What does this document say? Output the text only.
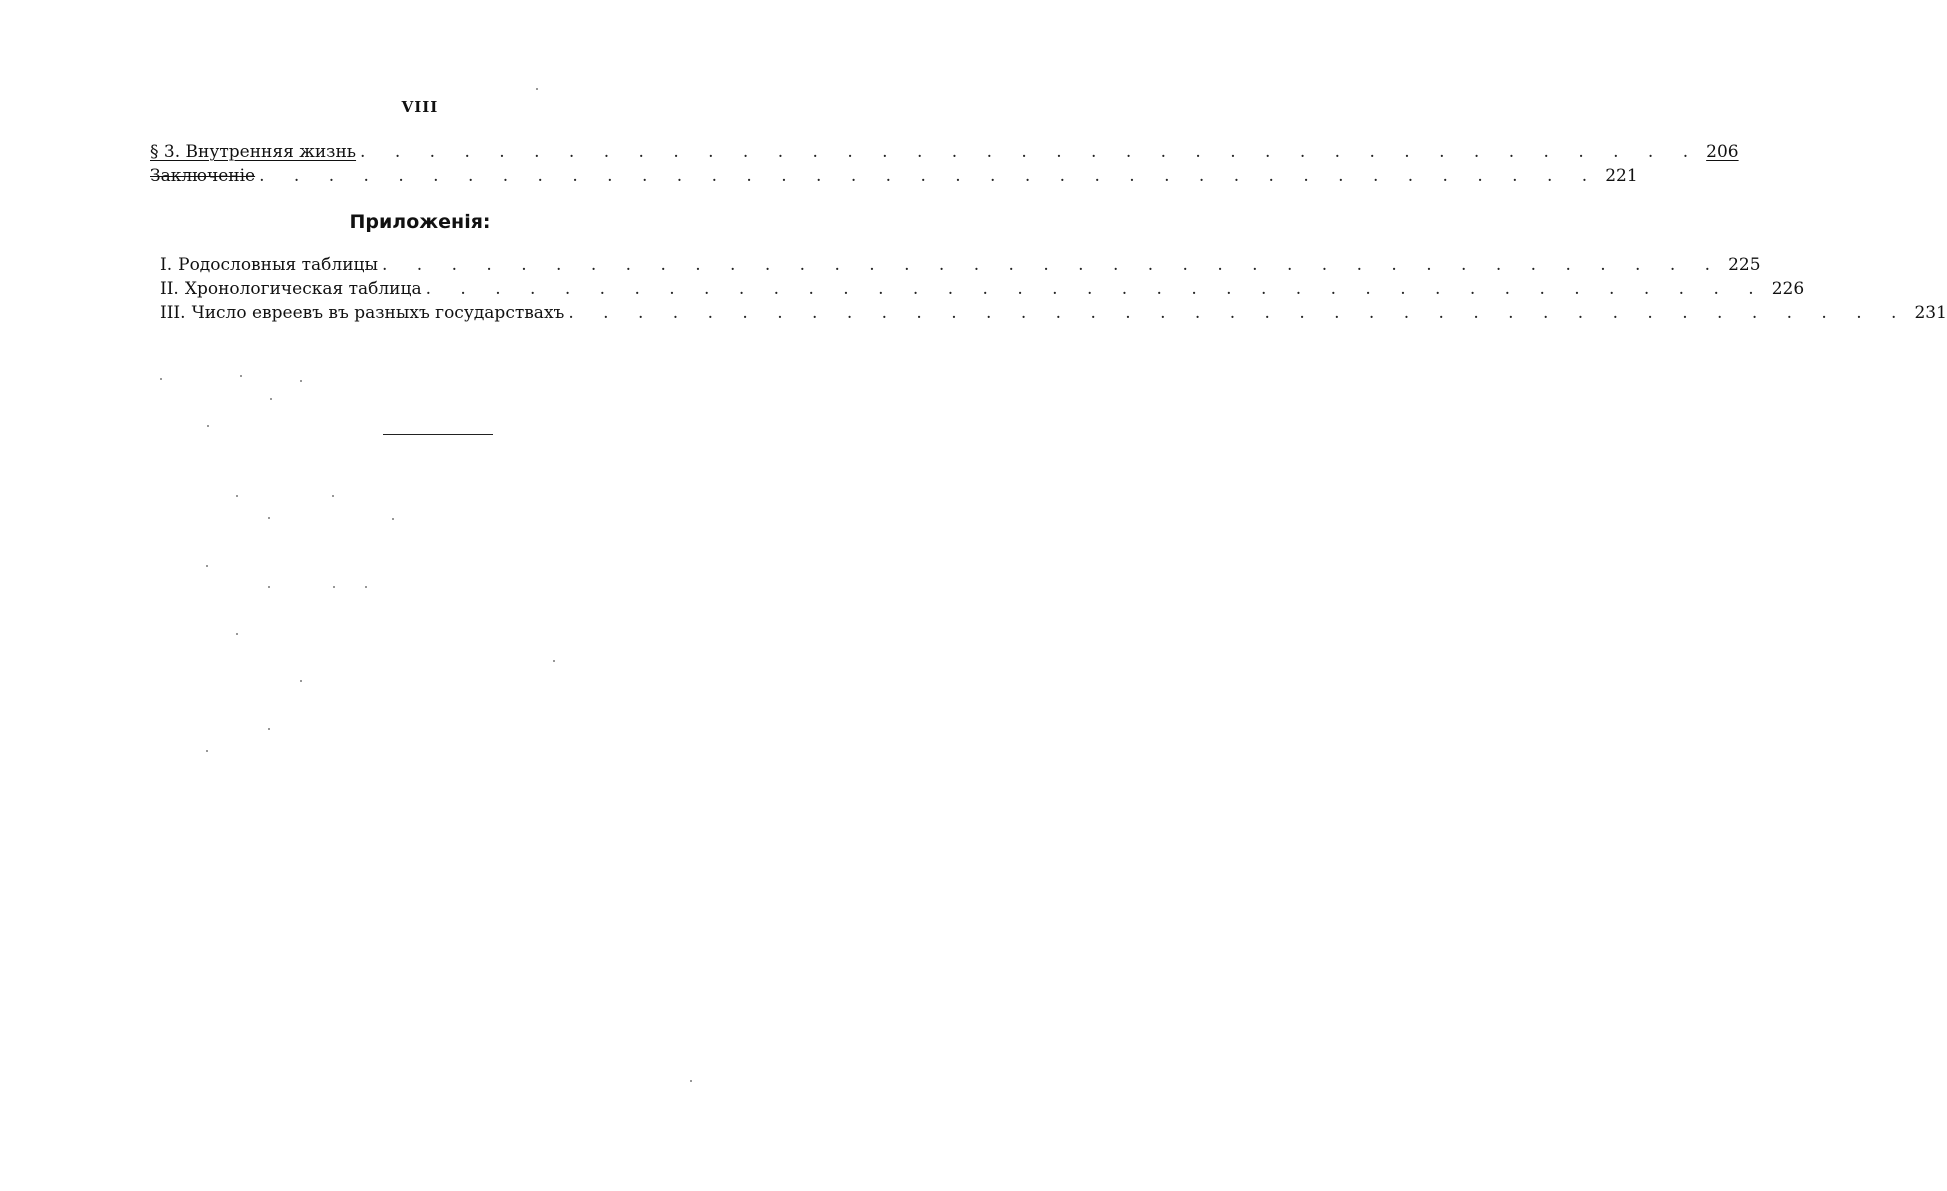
VIII
§ 3. Внутренняя жизнь . . . . . . . . . . . . . . . . . . . . . . . . . . . . . . . . . . . . . . . 206
Заключеніе . . . . . . . . . . . . . . . . . . . . . . . . . . . . . . . . . . . . . . . 221
Приложенія:
I. Родословныя таблицы . . . . . . . . . . . . . . . . . . . . . . . . . . . . . . . . . . . . . . . 225
II. Хронологическая таблица . . . . . . . . . . . . . . . . . . . . . . . . . . . . . . . . . . . . . . . 226
III. Число евреевъ въ разныхъ государствахъ . . . . . . . . . . . . . . . . . . . . . . . . . . . . . . . . . . . . . . . 231
